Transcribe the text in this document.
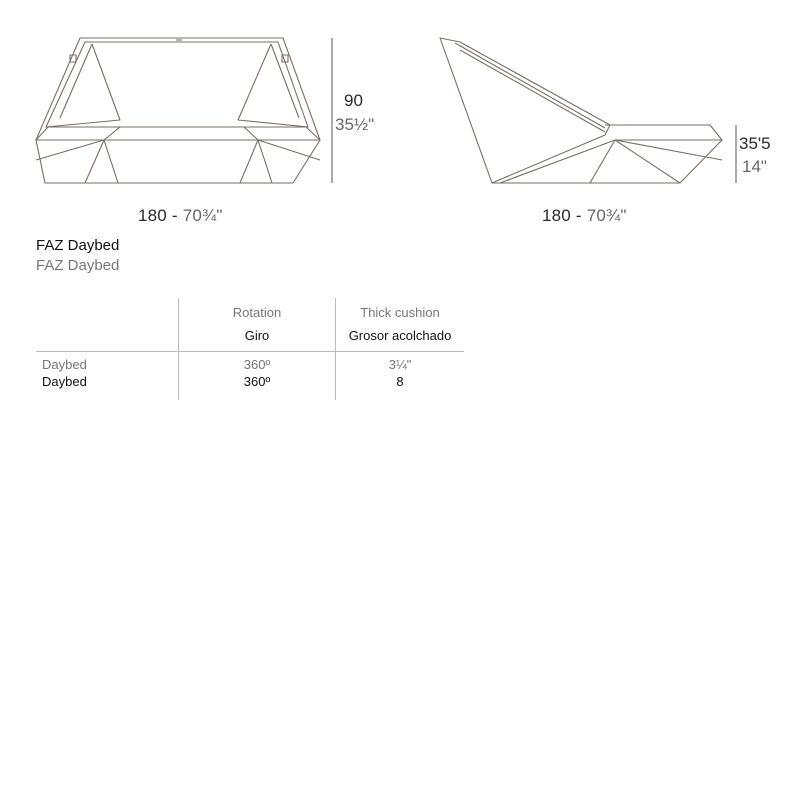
180 - 70¾"
90
35½"
180 - 70¾"
35'5
14"
FAZ Daybed
FAZ Daybed
	Rotation	Thick cushion
	Giro	Grosor acolchado
Daybed	360º	3¼"
Daybed	360º	8
